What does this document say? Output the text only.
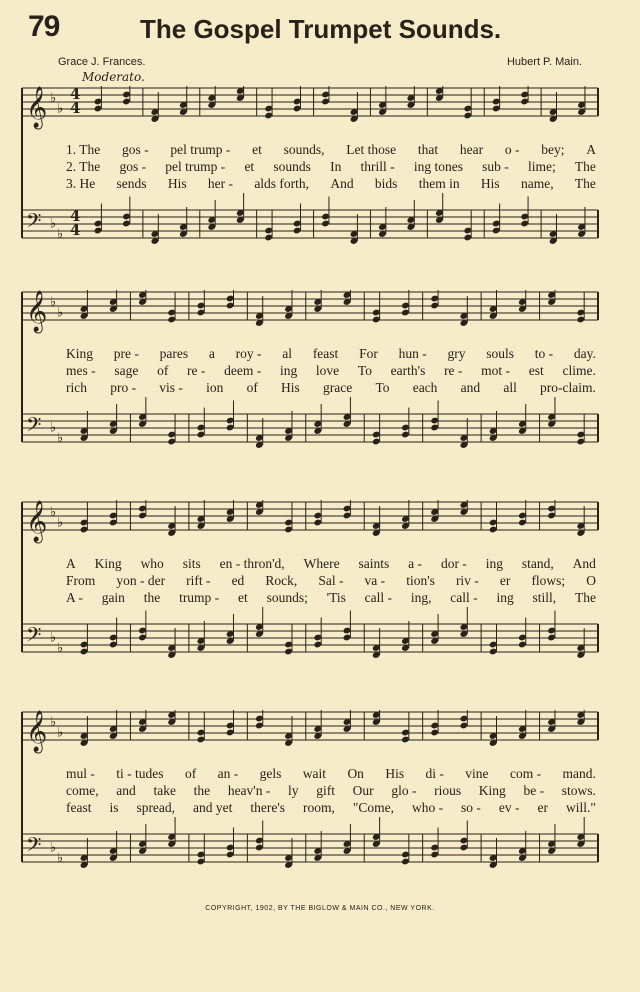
79	The Gospel Trumpet Sounds.
Grace J. Frances.	Hubert P. Main.
Moderato.
𝄞 ♭
♭
4
4
𝄢 ♭
♭
4
4
1. The gos - pel trump - et sounds, Let those that hear o - bey; A
2. The gos - pel trump - et sounds In thrill - ing tones sub - lime; The
3. He sends His her - alds forth, And bids them in His name, The
𝄞 ♭
♭
𝄢 ♭
♭
King pre - pares a roy - al feast For hun - gry souls to - day.
mes - sage of re - deem - ing love To earth's re - mot - est clime.
rich pro - vis - ion of His grace To each and all pro-claim.
𝄞 ♭
♭
𝄢 ♭
♭
A King who sits en - thron'd, Where saints a - dor - ing stand, And
From yon - der rift - ed Rock, Sal - va - tion's riv - er flows; O
A - gain the trump - et sounds; 'Tis call - ing, call - ing still, The
𝄞 ♭
♭
𝄢 ♭
♭
mul - ti - tudes of an - gels wait On His di - vine com - mand.
come, and take the heav'n - ly gift Our glo - rious King be - stows.
feast is spread, and yet there's room, "Come, who - so - ev - er will."
COPYRIGHT, 1902, BY THE BIGLOW & MAIN CO., NEW YORK.
